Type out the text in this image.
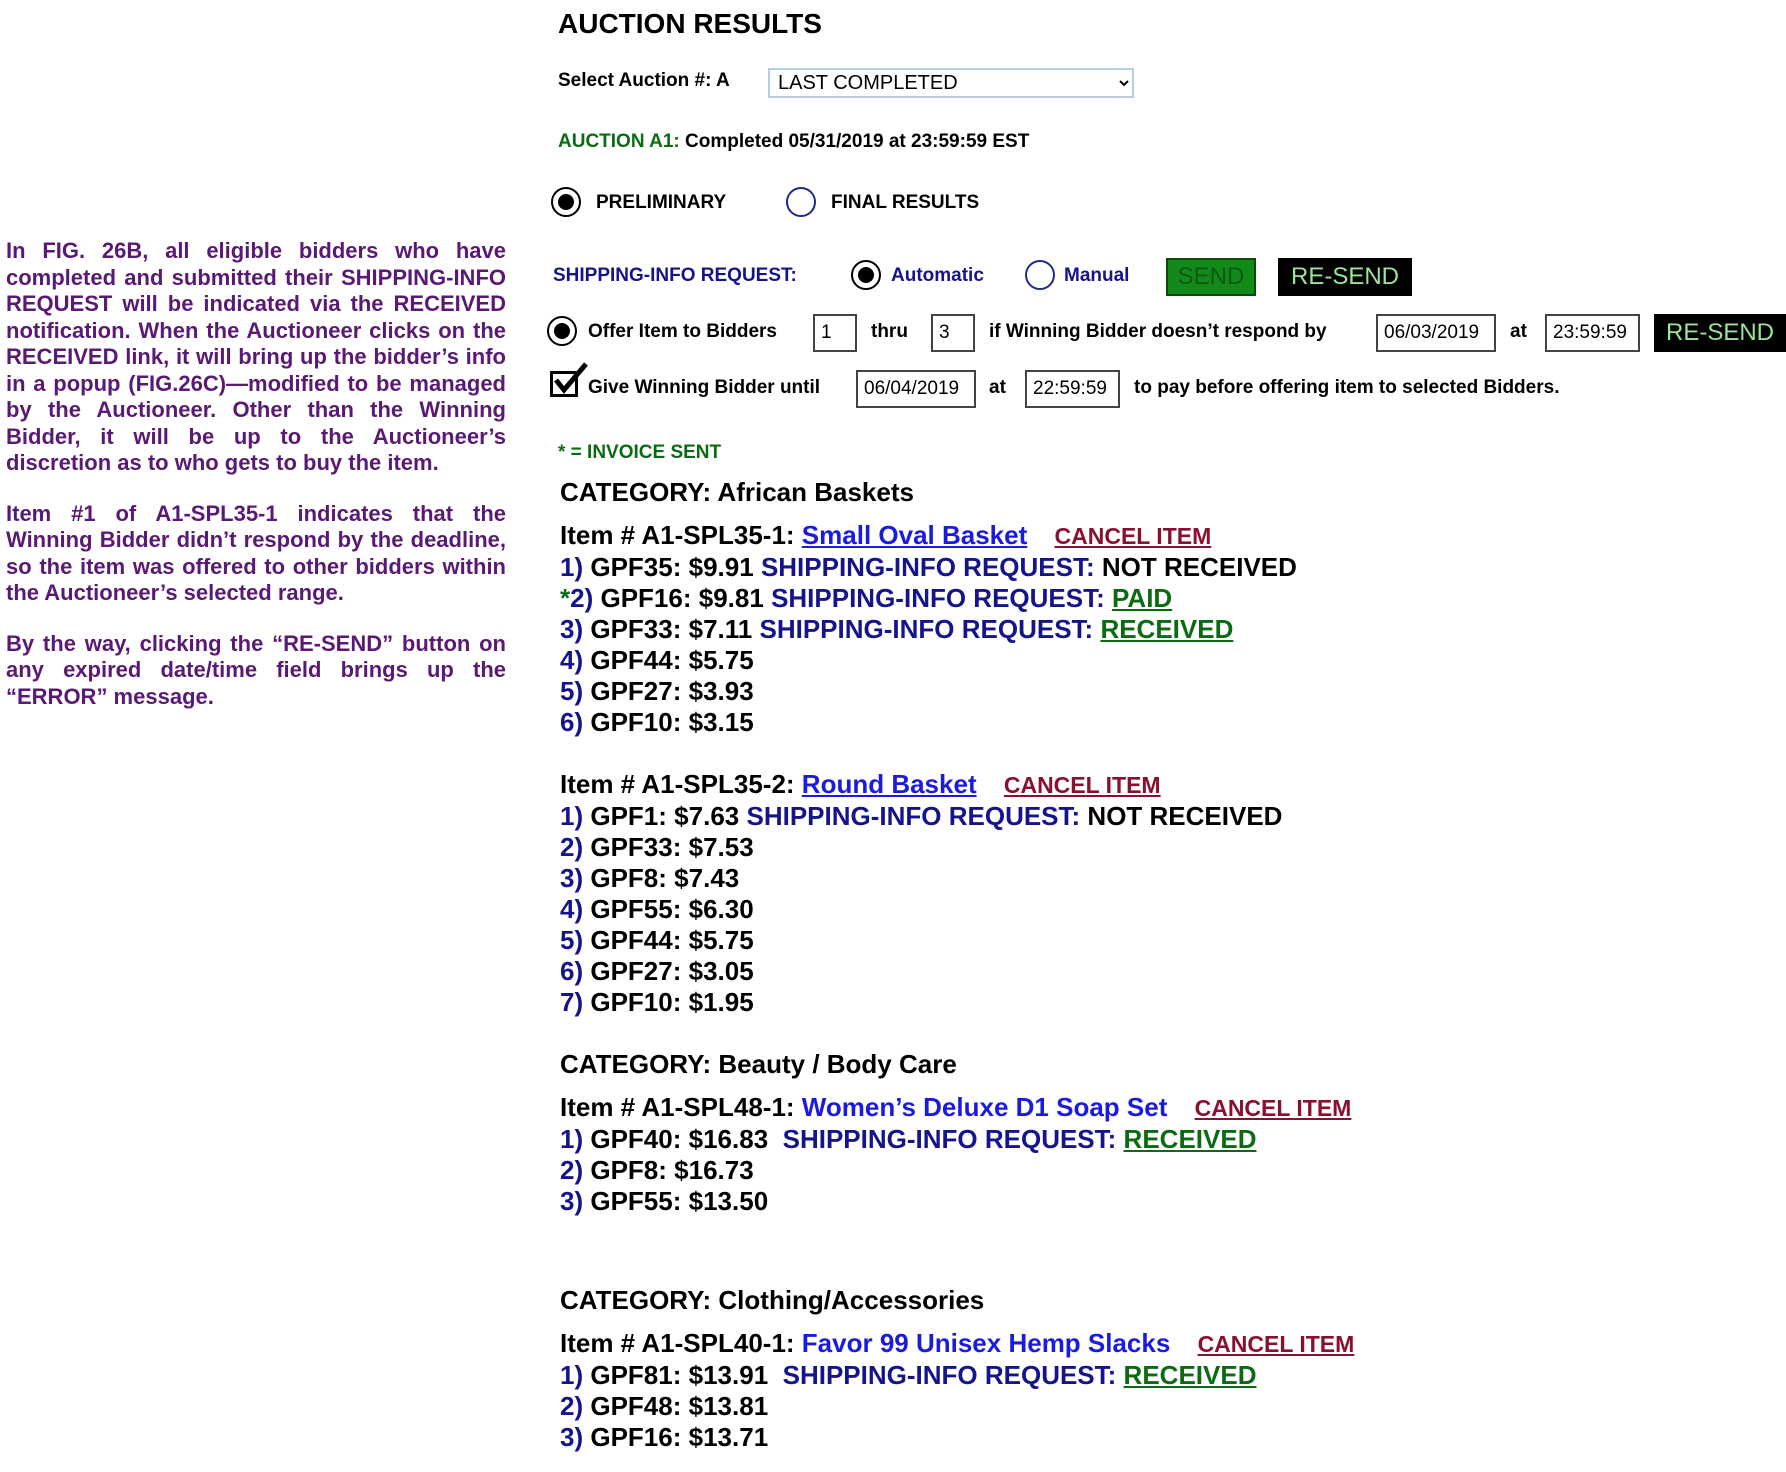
In FIG. 26B, all eligible bidders who have completed and submitted their SHIPPING-INFO REQUEST will be indicated via the RECEIVED notification. When the Auctioneer clicks on the RECEIVED link, it will bring up the bidder’s info in a popup (FIG.26C)—modified to be managed by the Auctioneer. Other than the Winning Bidder, it will be up to the Auctioneer’s discretion as to who gets to buy the item.

Item #1 of A1-SPL35-1 indicates that the Winning Bidder didn’t respond by the deadline, so the item was offered to other bidders within the Auctioneer’s selected range.

By the way, clicking the “RE-SEND” button on any expired date/time field brings up the “ERROR” message.

AUCTION RESULTS
Select Auction #: A
LAST COMPLETED
AUCTION A1: Completed 05/31/2019 at 23:59:59 EST
PRELIMINARY	FINAL RESULTS
SHIPPING-INFO REQUEST:	Automatic	Manual	SEND	RE-SEND
Offer Item to Bidders	1	thru	3	if Winning Bidder doesn’t respond by	06/03/2019	at	23:59:59	RE-SEND
Give Winning Bidder until	06/04/2019	at	22:59:59	to pay before offering item to selected Bidders.
* = INVOICE SENT
CATEGORY: African Baskets
Item # A1-SPL35-1: Small Oval Basket CANCEL ITEM
1) GPF35: $9.91 SHIPPING-INFO REQUEST: NOT RECEIVED
*2) GPF16: $9.81 SHIPPING-INFO REQUEST: PAID
3) GPF33: $7.11 SHIPPING-INFO REQUEST: RECEIVED
4) GPF44: $5.75
5) GPF27: $3.93
6) GPF10: $3.15
Item # A1-SPL35-2: Round Basket CANCEL ITEM
1) GPF1: $7.63 SHIPPING-INFO REQUEST: NOT RECEIVED
2) GPF33: $7.53
3) GPF8: $7.43
4) GPF55: $6.30
5) GPF44: $5.75
6) GPF27: $3.05
7) GPF10: $1.95
CATEGORY: Beauty / Body Care
Item # A1-SPL48-1: Women’s Deluxe D1 Soap Set CANCEL ITEM
1) GPF40: $16.83 SHIPPING-INFO REQUEST: RECEIVED
2) GPF8: $16.73
3) GPF55: $13.50
CATEGORY: Clothing/Accessories
Item # A1-SPL40-1: Favor 99 Unisex Hemp Slacks CANCEL ITEM
1) GPF81: $13.91 SHIPPING-INFO REQUEST: RECEIVED
2) GPF48: $13.81
3) GPF16: $13.71
